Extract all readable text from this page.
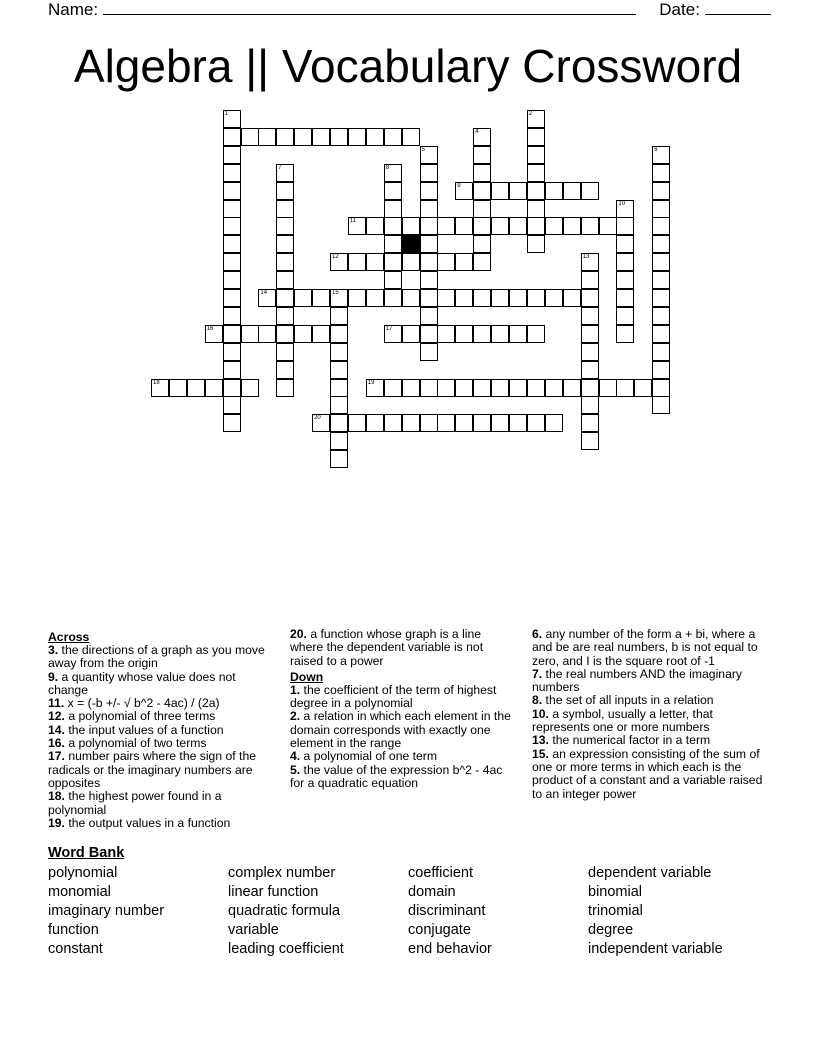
Name:	Date:
Algebra || Vocabulary Crossword
1	2
4
5	6
7	8
9
10
11
12	13
14	15
16	17
18	19
20
Across
3. the directions of a graph as you move away from the origin
9. a quantity whose value does not change
11. x = (-b +/- √ b^2 - 4ac) / (2a)
12. a polynomial of three terms
14. the input values of a function
16. a polynomial of two terms
17. number pairs where the sign of the radicals or the imaginary numbers are opposites
18. the highest power found in a polynomial
19. the output values in a function
20. a function whose graph is a line where the dependent variable is not raised to a power
Down
1. the coefficient of the term of highest degree in a polynomial
2. a relation in which each element in the domain corresponds with exactly one element in the range
4. a polynomial of one term
5. the value of the expression b^2 - 4ac for a quadratic equation
6. any number of the form a + bi, where a and be are real numbers, b is not equal to zero, and I is the square root of -1
7. the real numbers AND the imaginary numbers
8. the set of all inputs in a relation
10. a symbol, usually a letter, that represents one or more numbers
13. the numerical factor in a term
15. an expression consisting of the sum of one or more terms in which each is the product of a constant and a variable raised to an integer power
Word Bank
polynomial
monomial
imaginary number
function
constant
complex number
linear function
quadratic formula
variable
leading coefficient
coefficient
domain
discriminant
conjugate
end behavior
dependent variable
binomial
trinomial
degree
independent variable
